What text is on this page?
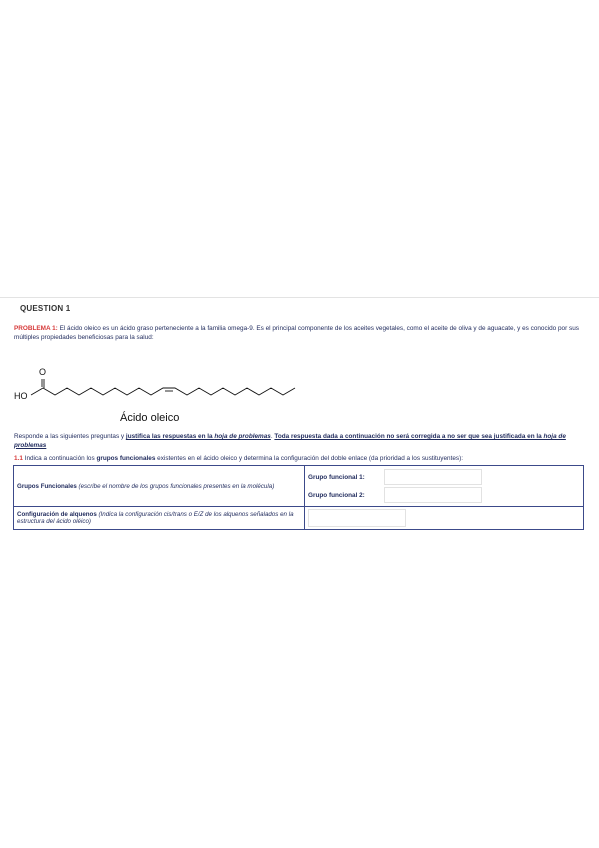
QUESTION 1
PROBLEMA 1: El ácido oleico es un ácido graso perteneciente a la familia omega-9. Es el principal componente de los aceites vegetales, como el aceite de oliva y de aguacate, y es conocido por sus múltiples propiedades beneficiosas para la salud:
HO
O
Ácido oleico
Responde a las siguientes preguntas y justifica las respuestas en la hoja de problemas. Toda respuesta dada a continuación no será corregida a no ser que sea justificada en la hoja de problemas
1.1 Indica a continuación los grupos funcionales existentes en el ácido oleico y determina la configuración del doble enlace (da prioridad a los sustituyentes):
Grupos Funcionales (escribe el nombre de los grupos funcionales presentes en la molécula)	Grupo funcional 1:
Grupo funcional 2:

Configuración de alquenos (Indica la configuración cis/trans o E/Z de los alquenos señalados en la estructura del ácido oléico)	
